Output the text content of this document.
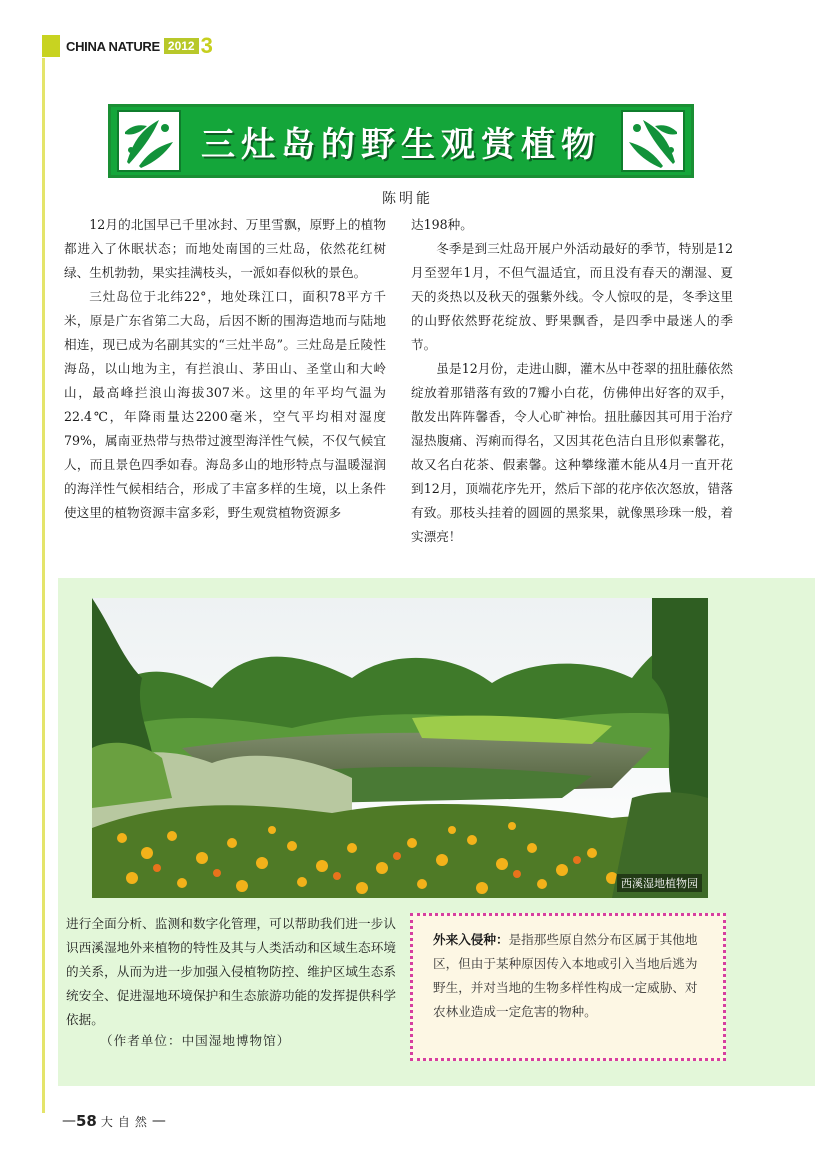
CHINA NATURE 2012 3
三灶岛的野生观赏植物
陈明能

12月的北国早已千里冰封、万里雪飘，原野上的植物都进入了休眠状态；而地处南国的三灶岛，依然花红树绿、生机勃勃，果实挂满枝头，一派如春似秋的景色。

三灶岛位于北纬22°，地处珠江口，面积78平方千米，原是广东省第二大岛，后因不断的围海造地而与陆地相连，现已成为名副其实的“三灶半岛”。三灶岛是丘陵性海岛，以山地为主，有拦浪山、茅田山、圣堂山和大岭山，最高峰拦浪山海拔307米。这里的年平均气温为22.4℃，年降雨量达2200毫米，空气平均相对湿度79%，属南亚热带与热带过渡型海洋性气候，不仅气候宜人，而且景色四季如春。海岛多山的地形特点与温暖湿润的海洋性气候相结合，形成了丰富多样的生境，以上条件使这里的植物资源丰富多彩，野生观赏植物资源多

达198种。

冬季是到三灶岛开展户外活动最好的季节，特别是12月至翌年1月，不但气温适宜，而且没有春天的潮湿、夏天的炎热以及秋天的强紫外线。令人惊叹的是，冬季这里的山野依然野花绽放、野果飘香，是四季中最迷人的季节。

虽是12月份，走进山脚，灌木丛中苍翠的扭肚藤依然绽放着那错落有致的7瓣小白花，仿佛伸出好客的双手，散发出阵阵馨香，令人心旷神怡。扭肚藤因其可用于治疗湿热腹痛、泻痢而得名，又因其花色洁白且形似素馨花，故又名白花茶、假素馨。这种攀缘灌木能从4月一直开花到12月，顶端花序先开，然后下部的花序依次怒放，错落有致。那枝头挂着的圆圆的黑浆果，就像黑珍珠一般，着实漂亮！

西溪湿地植物园

进行全面分析、监测和数字化管理，可以帮助我们进一步认识西溪湿地外来植物的特性及其与人类活动和区域生态环境的关系，从而为进一步加强入侵植物防控、维护区域生态系统安全、促进湿地环境保护和生态旅游功能的发挥提供科学依据。

（作者单位：中国湿地博物馆）
外来入侵种：是指那些原自然分布区属于其他地区，但由于某种原因传入本地或引入当地后逃为野生，并对当地的生物多样性构成一定威胁、对农林业造成一定危害的物种。
— 58 大自然 —
